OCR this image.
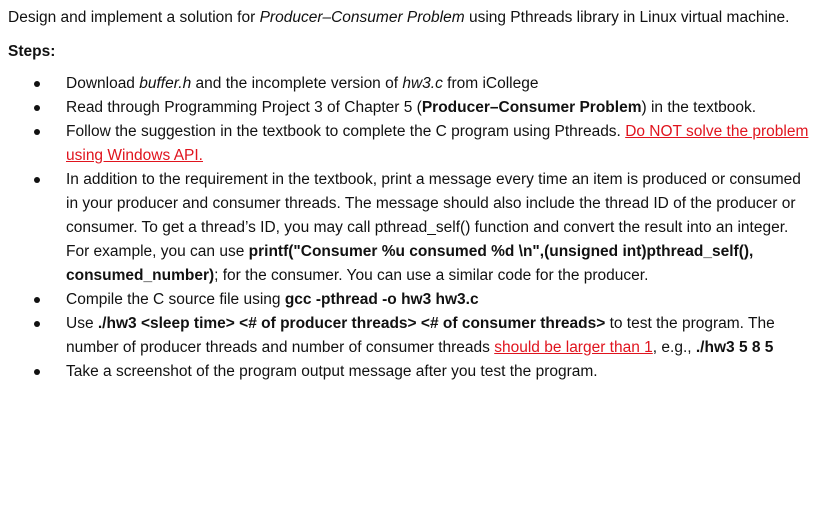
Design and implement a solution for Producer–Consumer Problem using Pthreads library in Linux virtual machine.

Steps:
Download buffer.h and the incomplete version of hw3.c from iCollege
Read through Programming Project 3 of Chapter 5 (Producer–Consumer Problem) in the textbook.
Follow the suggestion in the textbook to complete the C program using Pthreads. Do NOT solve the problem using Windows API.
In addition to the requirement in the textbook, print a message every time an item is produced or consumed in your producer and consumer threads. The message should also include the thread ID of the producer or consumer. To get a thread’s ID, you may call pthread_self() function and convert the result into an integer. For example, you can use printf("Consumer %u consumed %d \n",(unsigned int)pthread_self(), consumed_number); for the consumer. You can use a similar code for the producer.
Compile the C source file using gcc -pthread -o hw3 hw3.c
Use ./hw3 <sleep time> <# of producer threads> <# of consumer threads> to test the program. The number of producer threads and number of consumer threads should be larger than 1, e.g., ./hw3 5 8 5
Take a screenshot of the program output message after you test the program.
